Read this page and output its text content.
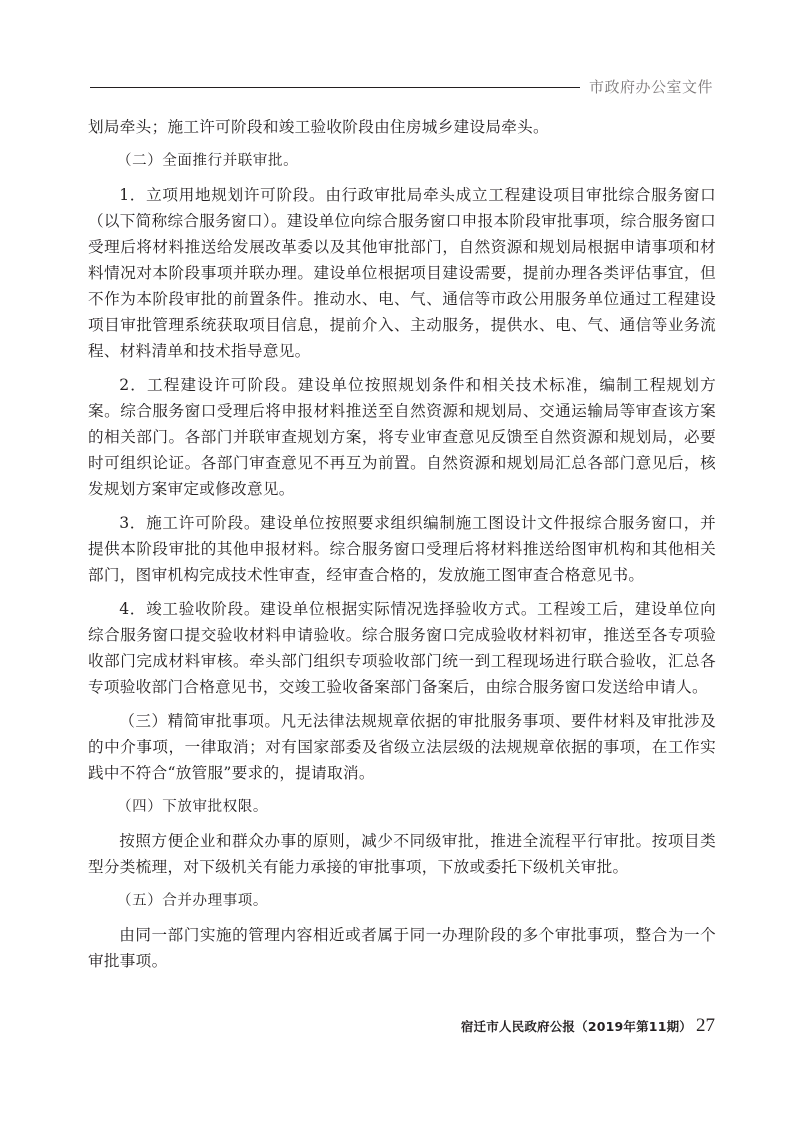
市政府办公室文件

划局牵头；施工许可阶段和竣工验收阶段由住房城乡建设局牵头。

（二）全面推行并联审批。

1．立项用地规划许可阶段。由行政审批局牵头成立工程建设项目审批综合服务窗口（以下简称综合服务窗口）。建设单位向综合服务窗口申报本阶段审批事项，综合服务窗口受理后将材料推送给发展改革委以及其他审批部门，自然资源和规划局根据申请事项和材料情况对本阶段事项并联办理。建设单位根据项目建设需要，提前办理各类评估事宜，但不作为本阶段审批的前置条件。推动水、电、气、通信等市政公用服务单位通过工程建设项目审批管理系统获取项目信息，提前介入、主动服务，提供水、电、气、通信等业务流程、材料清单和技术指导意见。

2．工程建设许可阶段。建设单位按照规划条件和相关技术标准，编制工程规划方案。综合服务窗口受理后将申报材料推送至自然资源和规划局、交通运输局等审查该方案的相关部门。各部门并联审查规划方案，将专业审查意见反馈至自然资源和规划局，必要时可组织论证。各部门审查意见不再互为前置。自然资源和规划局汇总各部门意见后，核发规划方案审定或修改意见。

3．施工许可阶段。建设单位按照要求组织编制施工图设计文件报综合服务窗口，并提供本阶段审批的其他申报材料。综合服务窗口受理后将材料推送给图审机构和其他相关部门，图审机构完成技术性审查，经审查合格的，发放施工图审查合格意见书。

4．竣工验收阶段。建设单位根据实际情况选择验收方式。工程竣工后，建设单位向综合服务窗口提交验收材料申请验收。综合服务窗口完成验收材料初审，推送至各专项验收部门完成材料审核。牵头部门组织专项验收部门统一到工程现场进行联合验收，汇总各专项验收部门合格意见书，交竣工验收备案部门备案后，由综合服务窗口发送给申请人。

（三）精简审批事项。凡无法律法规规章依据的审批服务事项、要件材料及审批涉及的中介事项，一律取消；对有国家部委及省级立法层级的法规规章依据的事项，在工作实践中不符合“放管服”要求的，提请取消。

（四）下放审批权限。

按照方便企业和群众办事的原则，减少不同级审批，推进全流程平行审批。按项目类型分类梳理，对下级机关有能力承接的审批事项，下放或委托下级机关审批。

（五）合并办理事项。

由同一部门实施的管理内容相近或者属于同一办理阶段的多个审批事项，整合为一个审批事项。

宿迁市人民政府公报（2019年第11期） 27
